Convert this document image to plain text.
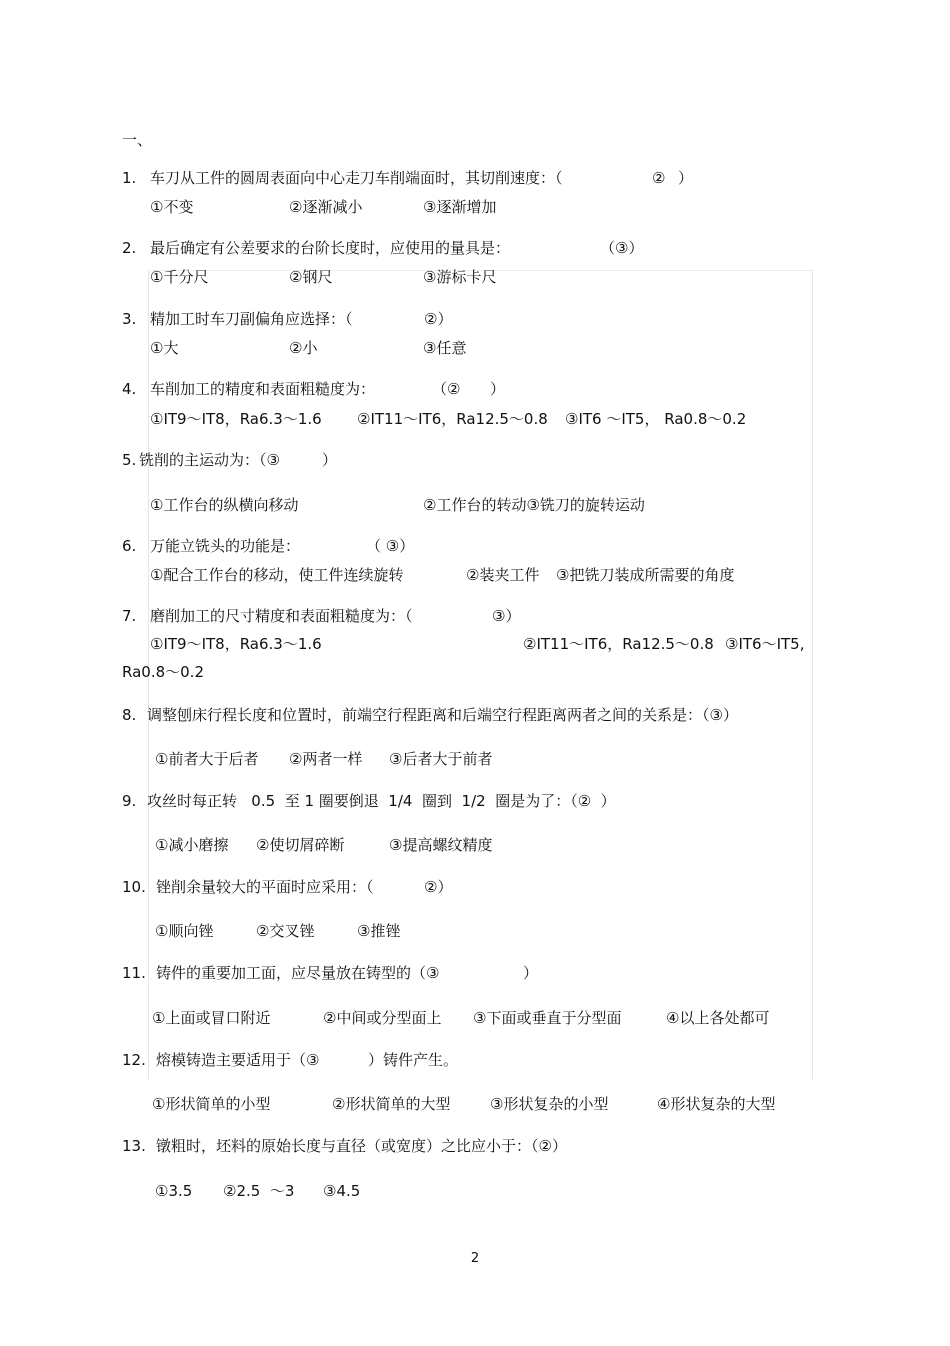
一、
1. 车刀从工件的圆周表面向中心走刀车削端面时，其切削速度：（	② ）
①不变	②逐渐减小	③逐渐增加
2. 最后确定有公差要求的台阶长度时，应使用的量具是：	（③）
①千分尺	②钢尺	③游标卡尺
3. 精加工时车刀副偏角应选择：（	②）
①大	②小	③任意
4. 车削加工的精度和表面粗糙度为：	（② ）
①IT9～IT8，Ra6.3～1.6 ②IT11～IT6，Ra12.5～0.8 ③IT6 ～IT5， Ra0.8～0.2
5. 铣削的主运动为：（③	）
①工作台的纵横向移动	②工作台的转动③铣刀的旋转运动
6. 万能立铣头的功能是：	（ ③）
①配合工作台的移动，使工件连续旋转	②装夹工件 ③把铣刀装成所需要的角度
7. 磨削加工的尺寸精度和表面粗糙度为：（	③）
①IT9～IT8，Ra6.3～1.6	②IT11～IT6，Ra12.5～0.8 ③IT6～IT5,
Ra0.8～0.2
8. 调整刨床行程长度和位置时，前端空行程距离和后端空行程距离两者之间的关系是：（③）
①前者大于后者 ②两者一样 ③后者大于前者
9. 攻丝时每正转   0.5  至 1 圈要倒退  1/4  圈到  1/2  圈是为了：（②  ）
①减小磨擦 ②使切屑碎断	③提高螺纹精度
10. 锉削余量较大的平面时应采用：（	②）
①顺向锉	②交叉锉	③推锉
11. 铸件的重要加工面，应尽量放在铸型的（③	）
①上面或冒口附近	②中间或分型面上 ③下面或垂直于分型面	④以上各处都可
12. 熔模铸造主要适用于（③	）铸件产生。
①形状简单的小型	②形状简单的大型	③形状复杂的小型	④形状复杂的大型
13. 镦粗时，坯料的原始长度与直径（或宽度）之比应小于：（②）
①3.5 ②2.5  ～3 ③4.5
2
